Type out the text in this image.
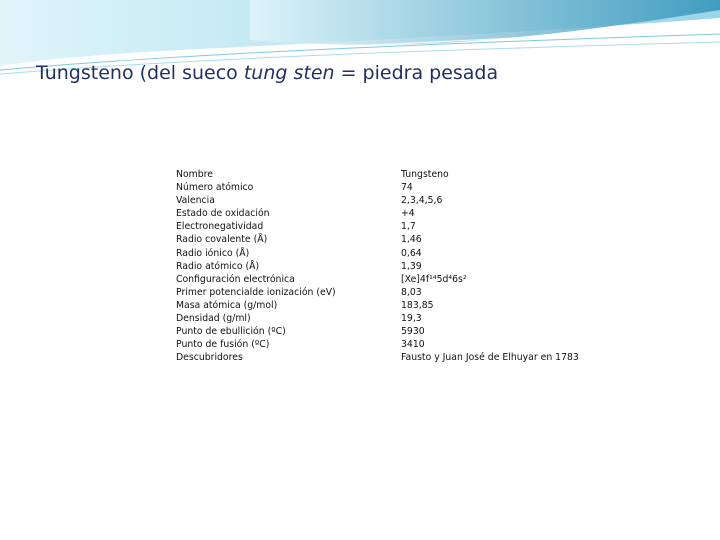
Tungsteno (del sueco tung sten = piedra pesada
Nombre	Tungsteno
Número atómico	74
Valencia	2,3,4,5,6
Estado de oxidación	+4
Electronegatividad	1,7
Radio covalente (Å)	1,46
Radio iónico (Å)	0,64
Radio atómico (Å)	1,39
Configuración electrónica	[Xe]4f¹⁴5d⁴6s²
Primer potencialde ionización (eV)	8,03
Masa atómica (g/mol)	183,85
Densidad (g/ml)	19,3
Punto de ebullición (ºC)	5930
Punto de fusión (ºC)	3410
Descubridores	Fausto y Juan José de Elhuyar en 1783
